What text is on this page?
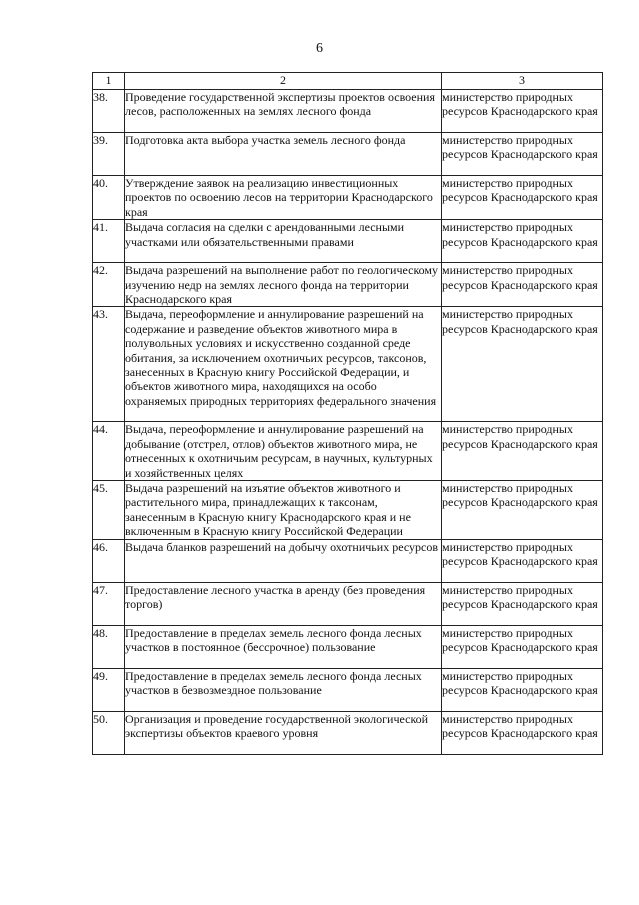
6
1	2	3
38.	Проведение государственной экспертизы проектов освоения лесов, расположенных на землях лесного фонда	министерство природных ресурсов Краснодарского края
39.	Подготовка акта выбора участка земель лесного фонда	министерство природных ресурсов Краснодарского края
40.	Утверждение заявок на реализацию инвестиционных проектов по освоению лесов на территории Краснодарского края	министерство природных ресурсов Краснодарского края
41.	Выдача согласия на сделки с арендованными лесными участками или обязательственными правами	министерство природных ресурсов Краснодарского края
42.	Выдача разрешений на выполнение работ по геологическому изучению недр на землях лесного фонда на территории Краснодарского края	министерство природных ресурсов Краснодарского края
43.	Выдача, переоформление и аннулирование разрешений на содержание и разведение объектов животного мира в полувольных условиях и искусственно созданной среде обитания, за исключением охотничьих ресурсов, таксонов, занесенных в Красную книгу Российской Федерации, и объектов животного мира, находящихся на особо охраняемых природных территориях федерального значения	министерство природных ресурсов Краснодарского края
44.	Выдача, переоформление и аннулирование разрешений на добывание (отстрел, отлов) объектов животного мира, не отнесенных к охотничьим ресурсам, в научных, культурных и хозяйственных целях	министерство природных ресурсов Краснодарского края
45.	Выдача разрешений на изъятие объектов животного и растительного мира, принадлежащих к таксонам, занесенным в Красную книгу Краснодарского края и не включенным в Красную книгу Российской Федерации	министерство природных ресурсов Краснодарского края
46.	Выдача бланков разрешений на добычу охотничьих ресурсов	министерство природных ресурсов Краснодарского края
47.	Предоставление лесного участка в аренду (без проведения торгов)	министерство природных ресурсов Краснодарского края
48.	Предоставление в пределах земель лесного фонда лесных участков в постоянное (бессрочное) пользование	министерство природных ресурсов Краснодарского края
49.	Предоставление в пределах земель лесного фонда лесных участков в безвозмездное пользование	министерство природных ресурсов Краснодарского края
50.	Организация и проведение государственной экологической экспертизы объектов краевого уровня	министерство природных ресурсов Краснодарского края
